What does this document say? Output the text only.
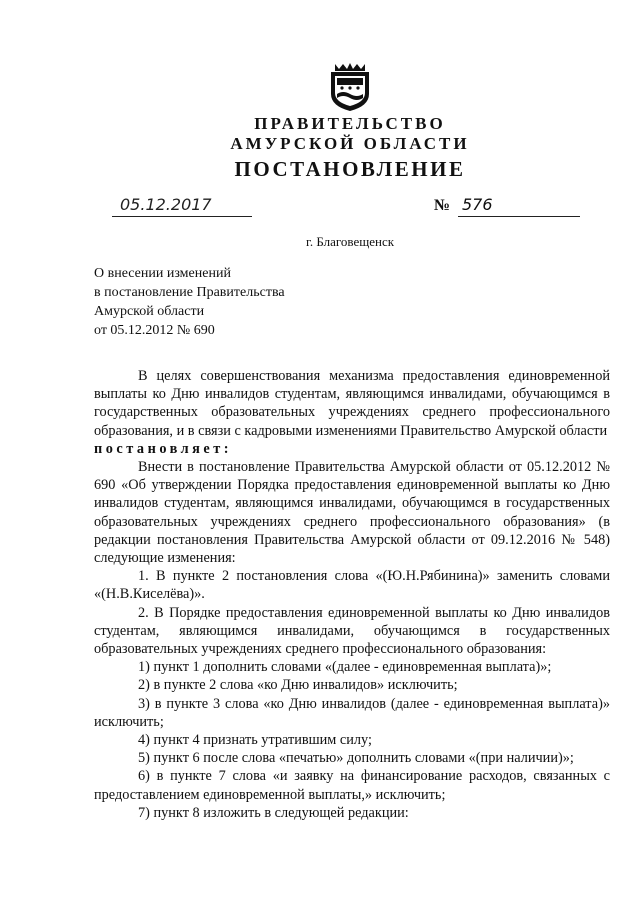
ПРАВИТЕЛЬСТВО
АМУРСКОЙ ОБЛАСТИ
ПОСТАНОВЛЕНИЕ
05.12.2017	№ 576
г. Благовещенск
О внесении изменений
в постановление Правительства
Амурской области
от 05.12.2012 № 690

В целях совершенствования механизма предоставления единовременной выплаты ко Дню инвалидов студентам, являющимся инвалидами, обучающимся в государственных образовательных учреждениях среднего профессионального образования, и в связи с кадровыми изменениями Правительство Амурской области

постановляет:

Внести в постановление Правительства Амурской области от 05.12.2012 № 690 «Об утверждении Порядка предоставления единовременной выплаты ко Дню инвалидов студентам, являющимся инвалидами, обучающимся в государственных образовательных учреждениях среднего профессионального образования» (в редакции постановления Правительства Амурской области от 09.12.2016 № 548) следующие изменения:

1. В пункте 2 постановления слова «(Ю.Н.Рябинина)» заменить словами «(Н.В.Киселёва)».

2. В Порядке предоставления единовременной выплаты ко Дню инвалидов студентам, являющимся инвалидами, обучающимся в государственных образовательных учреждениях среднего профессионального образования:

1) пункт 1 дополнить словами «(далее - единовременная выплата)»;

2) в пункте 2 слова «ко Дню инвалидов» исключить;

3) в пункте 3 слова «ко Дню инвалидов (далее - единовременная выплата)» исключить;

4) пункт 4 признать утратившим силу;

5) пункт 6 после слова «печатью» дополнить словами «(при наличии)»;

6) в пункте 7 слова «и заявку на финансирование расходов, связанных с предоставлением единовременной выплаты,» исключить;

7) пункт 8 изложить в следующей редакции:
